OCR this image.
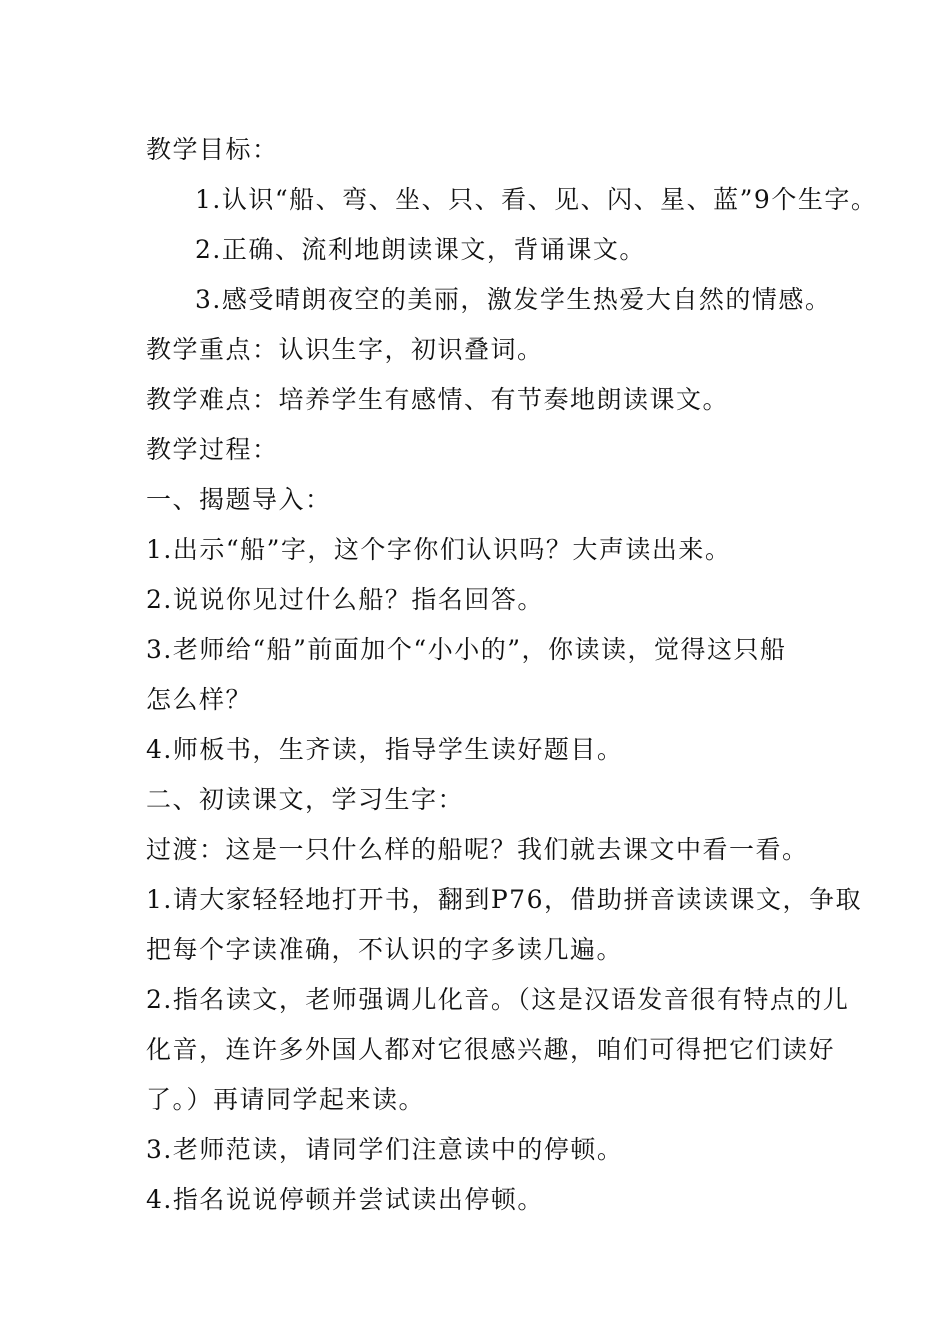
教学目标：
1.认识“船、弯、坐、只、看、见、闪、星、蓝”9个生字。
2.正确、流利地朗读课文，背诵课文。
3.感受晴朗夜空的美丽，激发学生热爱大自然的情感。
教学重点：认识生字，初识叠词。
教学难点：培养学生有感情、有节奏地朗读课文。
教学过程：
一、揭题导入：
1.出示“船”字，这个字你们认识吗？大声读出来。
2.说说你见过什么船？指名回答。
3.老师给“船”前面加个“小小的”，你读读，觉得这只船
怎么样？
4.师板书，生齐读，指导学生读好题目。
二、初读课文，学习生字：
过渡：这是一只什么样的船呢？我们就去课文中看一看。
1.请大家轻轻地打开书，翻到P76，借助拼音读读课文，争取
把每个字读准确，不认识的字多读几遍。
2.指名读文，老师强调儿化音。（这是汉语发音很有特点的儿
化音，连许多外国人都对它很感兴趣，咱们可得把它们读好
了。）再请同学起来读。
3.老师范读，请同学们注意读中的停顿。
4.指名说说停顿并尝试读出停顿。
